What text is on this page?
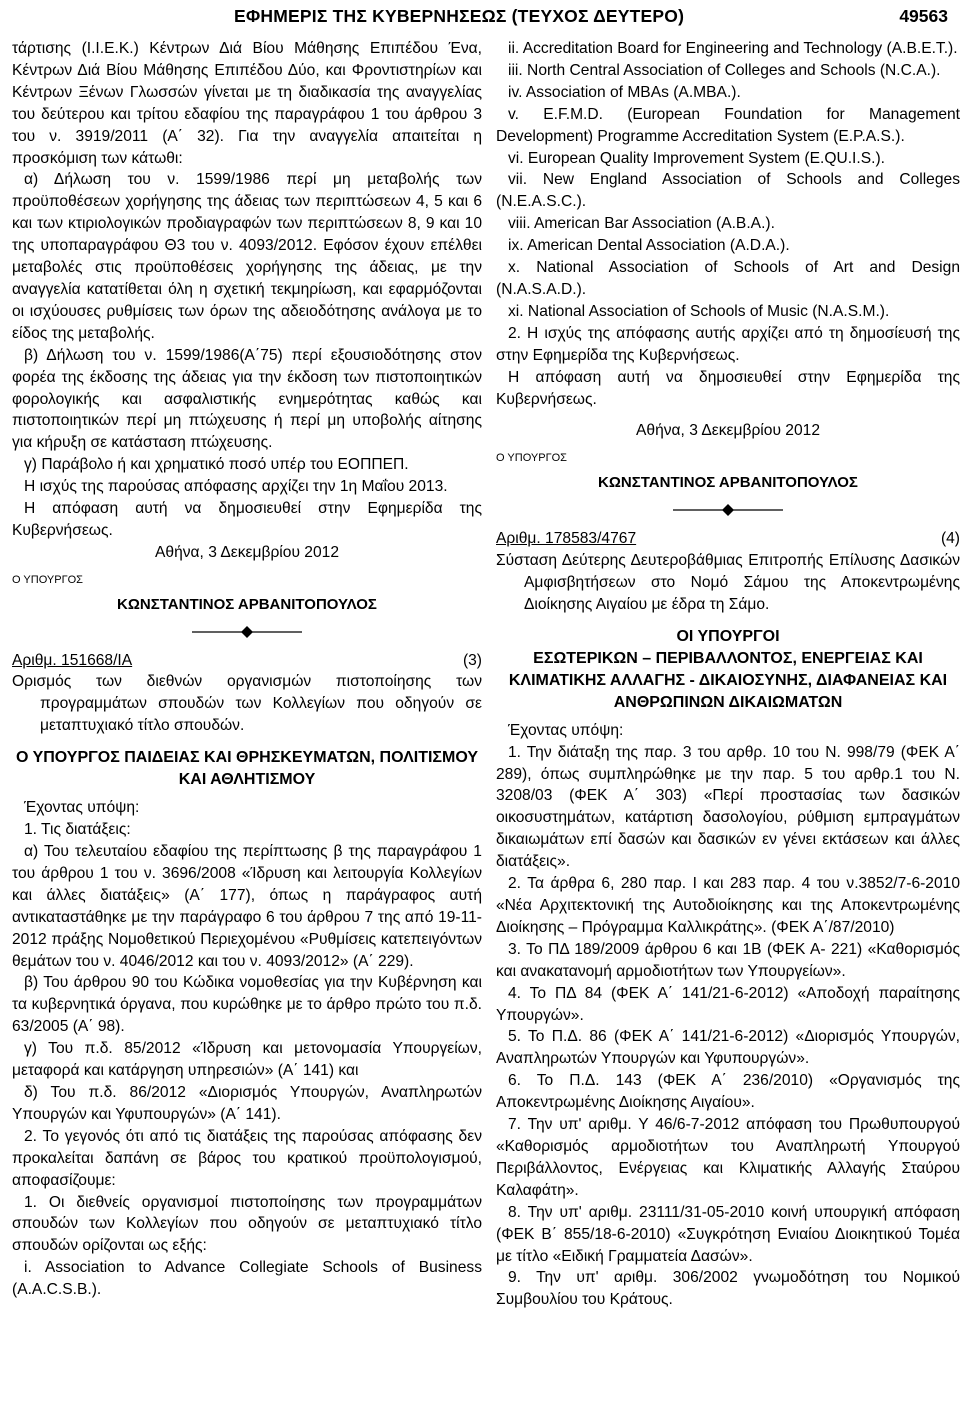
ΕΦΗΜΕΡΙΣ ΤΗΣ ΚΥΒΕΡΝΗΣΕΩΣ (ΤΕΥΧΟΣ ΔΕΥΤΕΡΟ)	49563

τάρτισης (Ι.Ι.Ε.Κ.) Κέντρων Διά Βίου Μάθησης Επιπέδου Ένα, Κέντρων Διά Βίου Μάθησης Επιπέδου Δύο, και Φροντιστηρίων και Κέντρων Ξένων Γλωσσών γίνεται με τη διαδικασία της αναγγελίας του δεύτερου και τρίτου εδαφίου της παραγράφου 1 του άρθρου 3 του ν. 3919/2011 (Α΄ 32). Για την αναγγελία απαιτείται η προσκόμιση των κάτωθι:

α) Δήλωση του ν. 1599/1986 περί μη μεταβολής των προϋποθέσεων χορήγησης της άδειας των περιπτώσεων 4, 5 και 6 και των κτιριολογικών προδιαγραφών των περιπτώσεων 8, 9 και 10 της υποπαραγράφου Θ3 του ν. 4093/2012. Εφόσον έχουν επέλθει μεταβολές στις προϋποθέσεις χορήγησης της άδειας, με την αναγγελία κατατίθεται όλη η σχετική τεκμηρίωση, και εφαρμόζονται οι ισχύουσες ρυθμίσεις των όρων της αδειοδότησης ανάλογα με το είδος της μεταβολής.

β) Δήλωση του ν. 1599/1986(Α΄75) περί εξουσιοδότησης στον φορέα της έκδοσης της άδειας για την έκδοση των πιστοποιητικών φορολογικής και ασφαλιστικής ενημερότητας καθώς και πιστοποιητικών περί μη πτώχευσης ή περί μη υποβολής αίτησης για κήρυξη σε κατάσταση πτώχευσης.

γ) Παράβολο ή και χρηματικό ποσό υπέρ του ΕΟΠΠΕΠ.

Η ισχύς της παρούσας απόφασης αρχίζει την 1η Μαΐου 2013.

Η απόφαση αυτή να δημοσιευθεί στην Εφημερίδα της Κυβερνήσεως.

Αθήνα, 3 Δεκεμβρίου 2012

Ο ΥΠΟΥΡΓΟΣ

ΚΩΝΣΤΑΝΤΙΝΟΣ ΑΡΒΑΝΙΤΟΠΟΥΛΟΣ

Αριθμ. 151668/ΙΑ	(3)

Ορισμός των διεθνών οργανισμών πιστοποίησης των προγραμμάτων σπουδών των Κολλεγίων που οδηγούν σε μεταπτυχιακό τίτλο σπουδών.

Ο ΥΠΟΥΡΓΟΣ ΠΑΙΔΕΙΑΣ ΚΑΙ ΘΡΗΣΚΕΥΜΑΤΩΝ, ΠΟΛΙΤΙΣΜΟΥ ΚΑΙ ΑΘΛΗΤΙΣΜΟΥ

Έχοντας υπόψη:

1. Τις διατάξεις:

α) Του τελευταίου εδαφίου της περίπτωσης β της παραγράφου 1 του άρθρου 1 του ν. 3696/2008 «Ίδρυση και λειτουργία Κολλεγίων και άλλες διατάξεις» (Α΄ 177), όπως η παράγραφος αυτή αντικαταστάθηκε με την παράγραφο 6 του άρθρου 7 της από 19-11-2012 πράξης Νομοθετικού Περιεχομένου «Ρυθμίσεις κατεπειγόντων θεμάτων του ν. 4046/2012 και του ν. 4093/2012» (Α΄ 229).

β) Του άρθρου 90 του Κώδικα νομοθεσίας για την Κυβέρνηση και τα κυβερνητικά όργανα, που κυρώθηκε με το άρθρο πρώτο του π.δ. 63/2005 (Α΄ 98).

γ) Του π.δ. 85/2012 «Ίδρυση και μετονομασία Υπουργείων, μεταφορά και κατάργηση υπηρεσιών» (Α΄ 141) και

δ) Του π.δ. 86/2012 «Διορισμός Υπουργών, Αναπληρωτών Υπουργών και Υφυπουργών» (Α΄ 141).

2. Το γεγονός ότι από τις διατάξεις της παρούσας απόφασης δεν προκαλείται δαπάνη σε βάρος του κρατικού προϋπολογισμού, αποφασίζουμε:

1. Οι διεθνείς οργανισμοί πιστοποίησης των προγραμμάτων σπουδών των Κολλεγίων που οδηγούν σε μεταπτυχιακό τίτλο σπουδών ορίζονται ως εξής:

i. Association to Advance Collegiate Schools of Business (A.A.C.S.B.).

ii. Accreditation Board for Engineering and Technology (A.B.E.T.).

iii. North Central Association of Colleges and Schools (N.C.A.).

iv. Association of MBAs (A.MBA.).

v. E.F.M.D. (European Foundation for Management Development) Programme Accreditation System (E.P.A.S.).

vi. European Quality Improvement System (E.QU.I.S.).

vii. New England Association of Schools and Colleges (N.E.A.S.C.).

viii. American Bar Association (A.B.A.).

ix. American Dental Association (A.D.A.).

x. National Association of Schools of Art and Design (N.A.S.A.D.).

xi. National Association of Schools of Music (N.A.S.M.).

2. Η ισχύς της απόφασης αυτής αρχίζει από τη δημοσίευσή της στην Εφημερίδα της Κυβερνήσεως.

Η απόφαση αυτή να δημοσιευθεί στην Εφημερίδα της Κυβερνήσεως.

Αθήνα, 3 Δεκεμβρίου 2012

Ο ΥΠΟΥΡΓΟΣ

ΚΩΝΣΤΑΝΤΙΝΟΣ ΑΡΒΑΝΙΤΟΠΟΥΛΟΣ

Αριθμ. 178583/4767	(4)

Σύσταση Δεύτερης Δευτεροβάθμιας Επιτροπής Επίλυσης Δασικών Αμφισβητήσεων στο Νομό Σάμου της Αποκεντρωμένης Διοίκησης Αιγαίου με έδρα τη Σάμο.

ΟΙ ΥΠΟΥΡΓΟΙ

ΕΣΩΤΕΡΙΚΩΝ – ΠΕΡΙΒΑΛΛΟΝΤΟΣ, ΕΝΕΡΓΕΙΑΣ ΚΑΙ ΚΛΙΜΑΤΙΚΗΣ ΑΛΛΑΓΗΣ - ΔΙΚΑΙΟΣΥΝΗΣ, ΔΙΑΦΑΝΕΙΑΣ ΚΑΙ ΑΝΘΡΩΠΙΝΩΝ ΔΙΚΑΙΩΜΑΤΩΝ

Έχοντας υπόψη:

1. Την διάταξη της παρ. 3 του αρθρ. 10 του Ν. 998/79 (ΦΕΚ Α΄ 289), όπως συμπληρώθηκε με την παρ. 5 του αρθρ.1 του Ν. 3208/03 (ΦΕΚ Α΄ 303) «Περί προστασίας των δασικών οικοσυστημάτων, κατάρτιση δασολογίου, ρύθμιση εμπραγμάτων δικαιωμάτων επί δασών και δασικών εν γένει εκτάσεων και άλλες διατάξεις».

2. Τα άρθρα 6, 280 παρ. I και 283 παρ. 4 του ν.3852/7-6-2010 «Νέα Αρχιτεκτονική της Αυτοδιοίκησης και της Αποκεντρωμένης Διοίκησης – Πρόγραμμα Καλλικράτης». (ΦΕΚ Α΄/87/2010)

3. Το ΠΔ 189/2009 άρθρου 6 και 1Β (ΦΕΚ Α- 221) «Καθορισμός και ανακατανομή αρμοδιοτήτων των Υπουργείων».

4. Το ΠΔ 84 (ΦΕΚ Α΄ 141/21-6-2012) «Αποδοχή παραίτησης Υπουργών».

5. Το Π.Δ. 86 (ΦΕΚ Α΄ 141/21-6-2012) «Διορισμός Υπουργών, Αναπληρωτών Υπουργών και Υφυπουργών».

6. Το Π.Δ. 143 (ΦΕΚ Α΄ 236/2010) «Οργανισμός της Αποκεντρωμένης Διοίκησης Αιγαίου».

7. Την υπ' αριθμ. Υ 46/6-7-2012 απόφαση του Πρωθυπουργού «Καθορισμός αρμοδιοτήτων του Αναπληρωτή Υπουργού Περιβάλλοντος, Ενέργειας και Κλιματικής Αλλαγής Σταύρου Καλαφάτη».

8. Την υπ' αριθμ. 23111/31-05-2010 κοινή υπουργική απόφαση (ΦΕΚ Β΄ 855/18-6-2010) «Συγκρότηση Ενιαίου Διοικητικού Τομέα με τίτλο «Ειδική Γραμματεία Δασών».

9. Την υπ' αριθμ. 306/2002 γνωμοδότηση του Νομικού Συμβουλίου του Κράτους.
